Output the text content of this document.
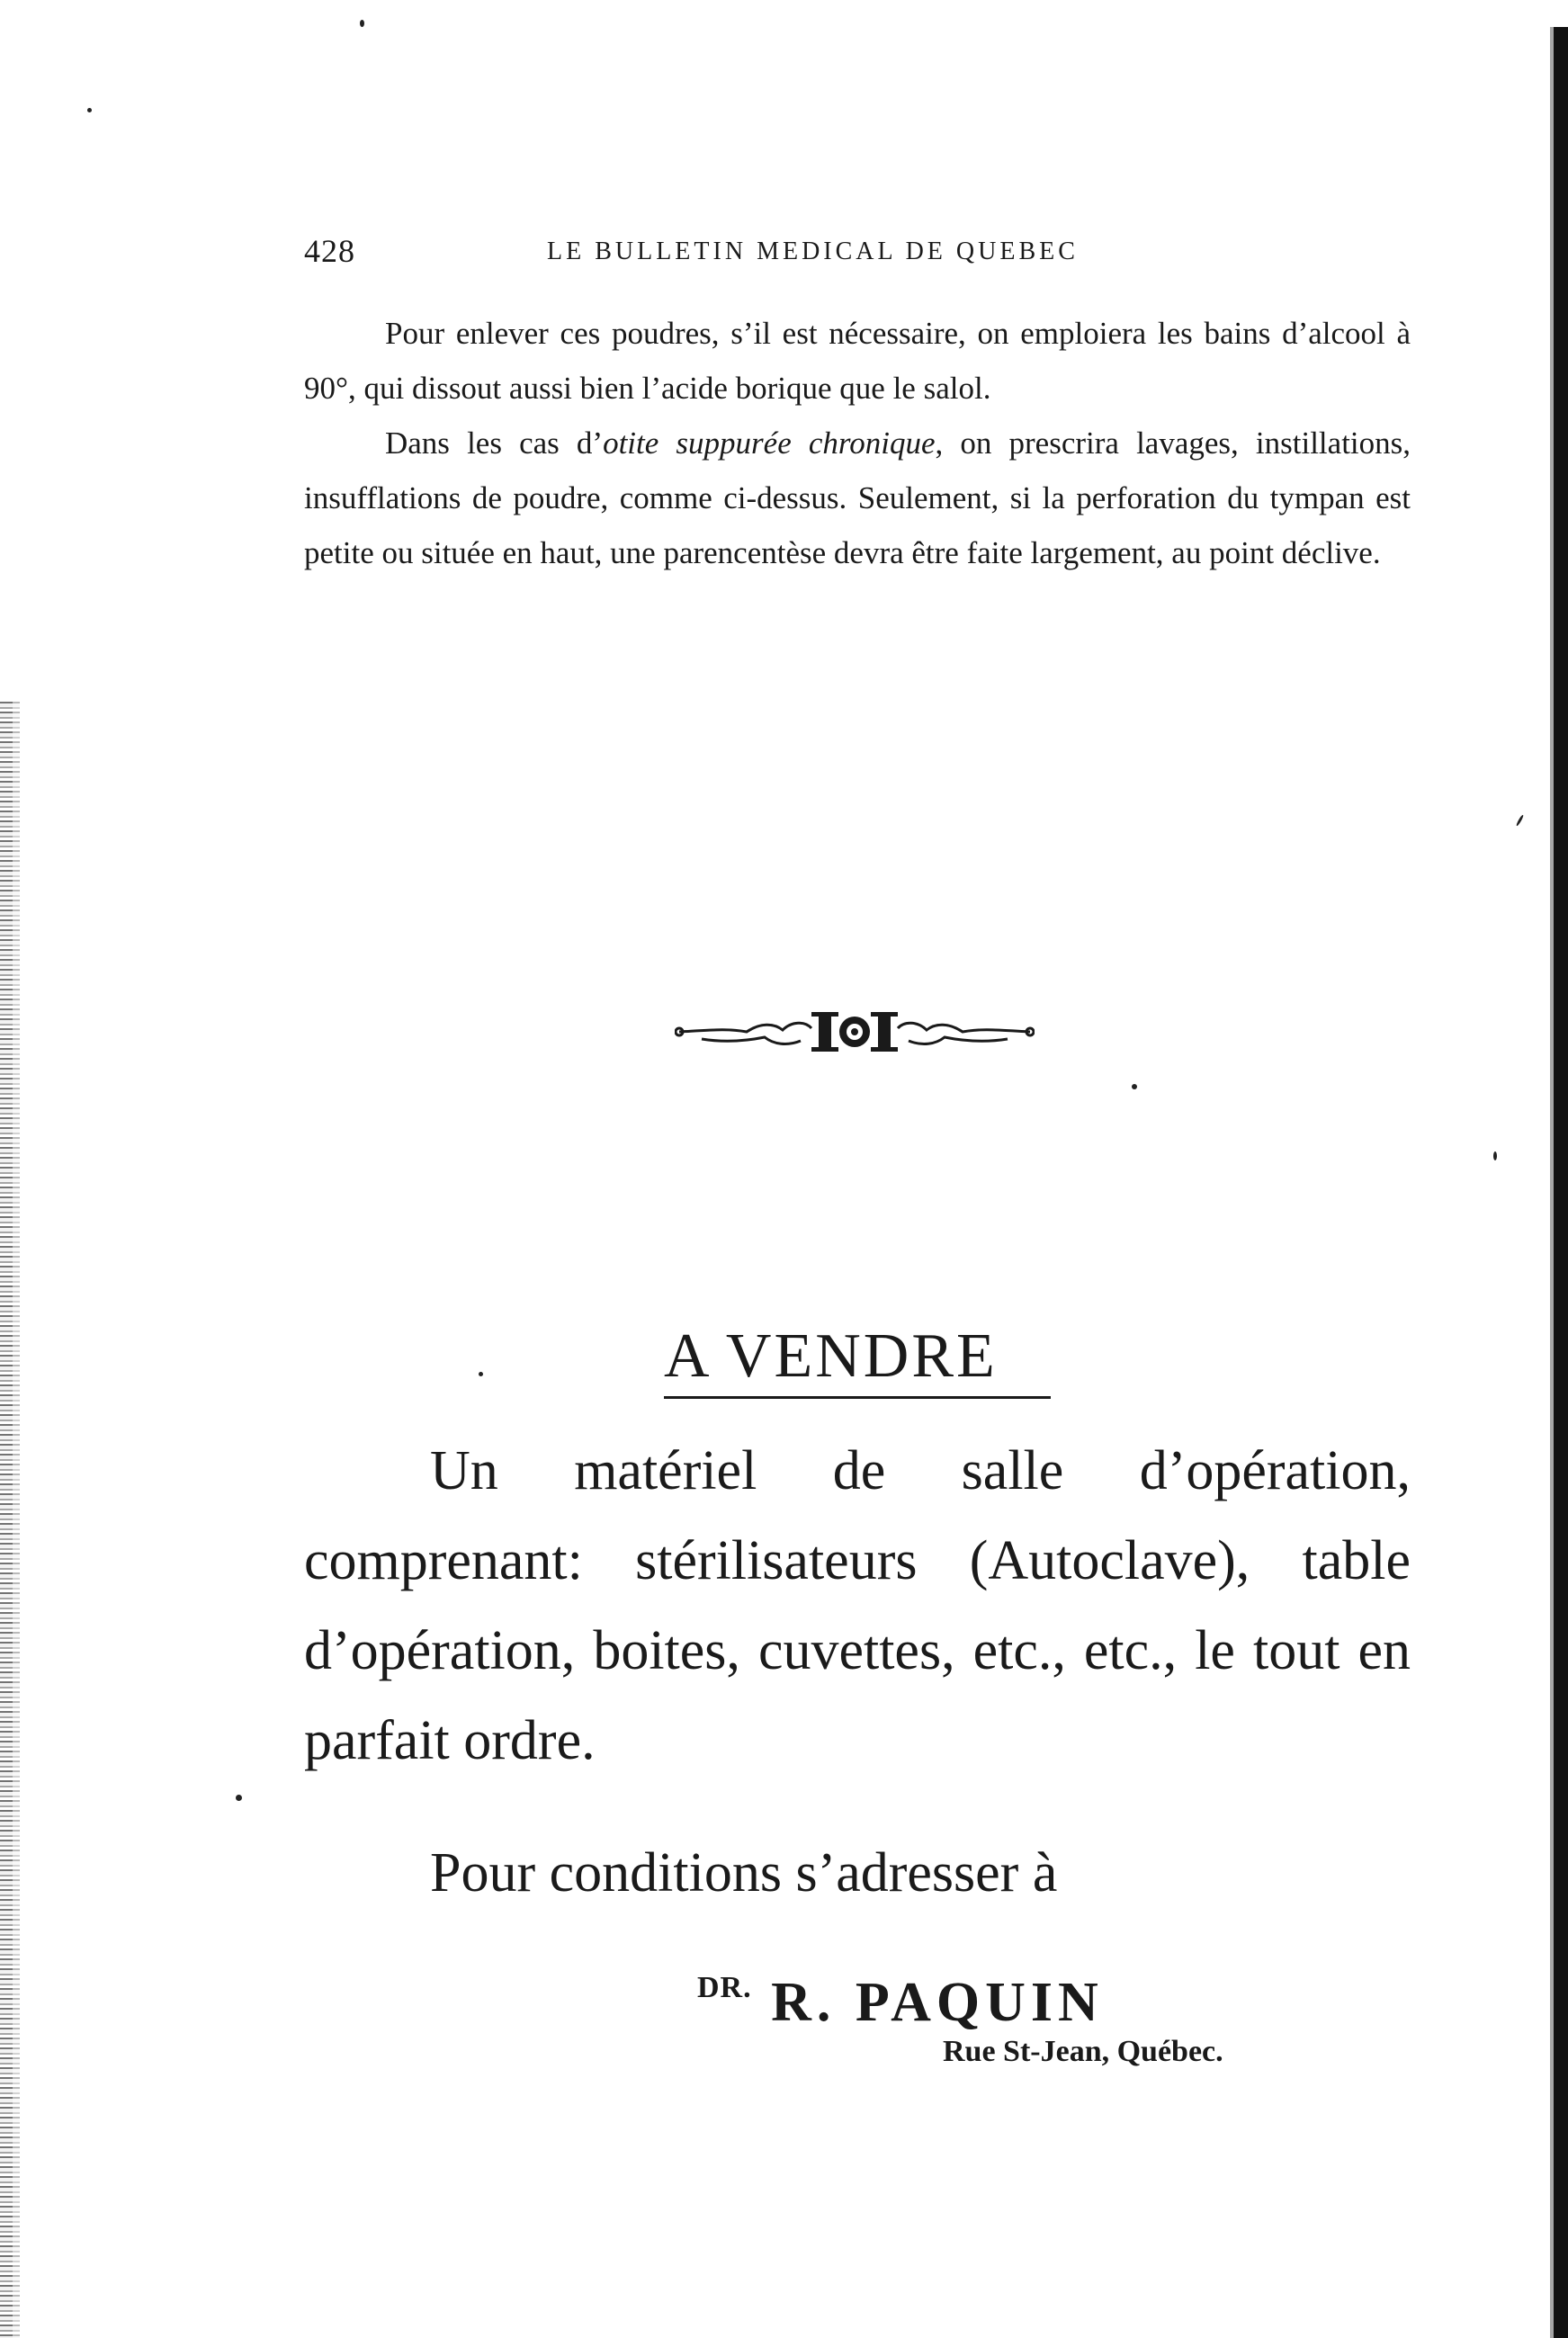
428	LE BULLETIN MEDICAL DE QUEBEC

Pour enlever ces poudres, s’il est nécessaire, on emploiera les bains d’alcool à 90°, qui dissout aussi bien l’acide borique que le salol.

Dans les cas d’otite suppurée chronique, on prescrira lavages, instillations, insufflations de poudre, comme ci-dessus. Seulement, si la perforation du tympan est petite ou située en haut, une parencentèse devra être faite largement, au point déclive.

A VENDRE

Un matériel de salle d’opération, comprenant: stérilisateurs (Autoclave), table d’opération, boites, cuvettes, etc., etc., le tout en parfait ordre.

Pour conditions s’adresser à
$^{DR.}$ R. PAQUIN
Rue St-Jean, Québec.
